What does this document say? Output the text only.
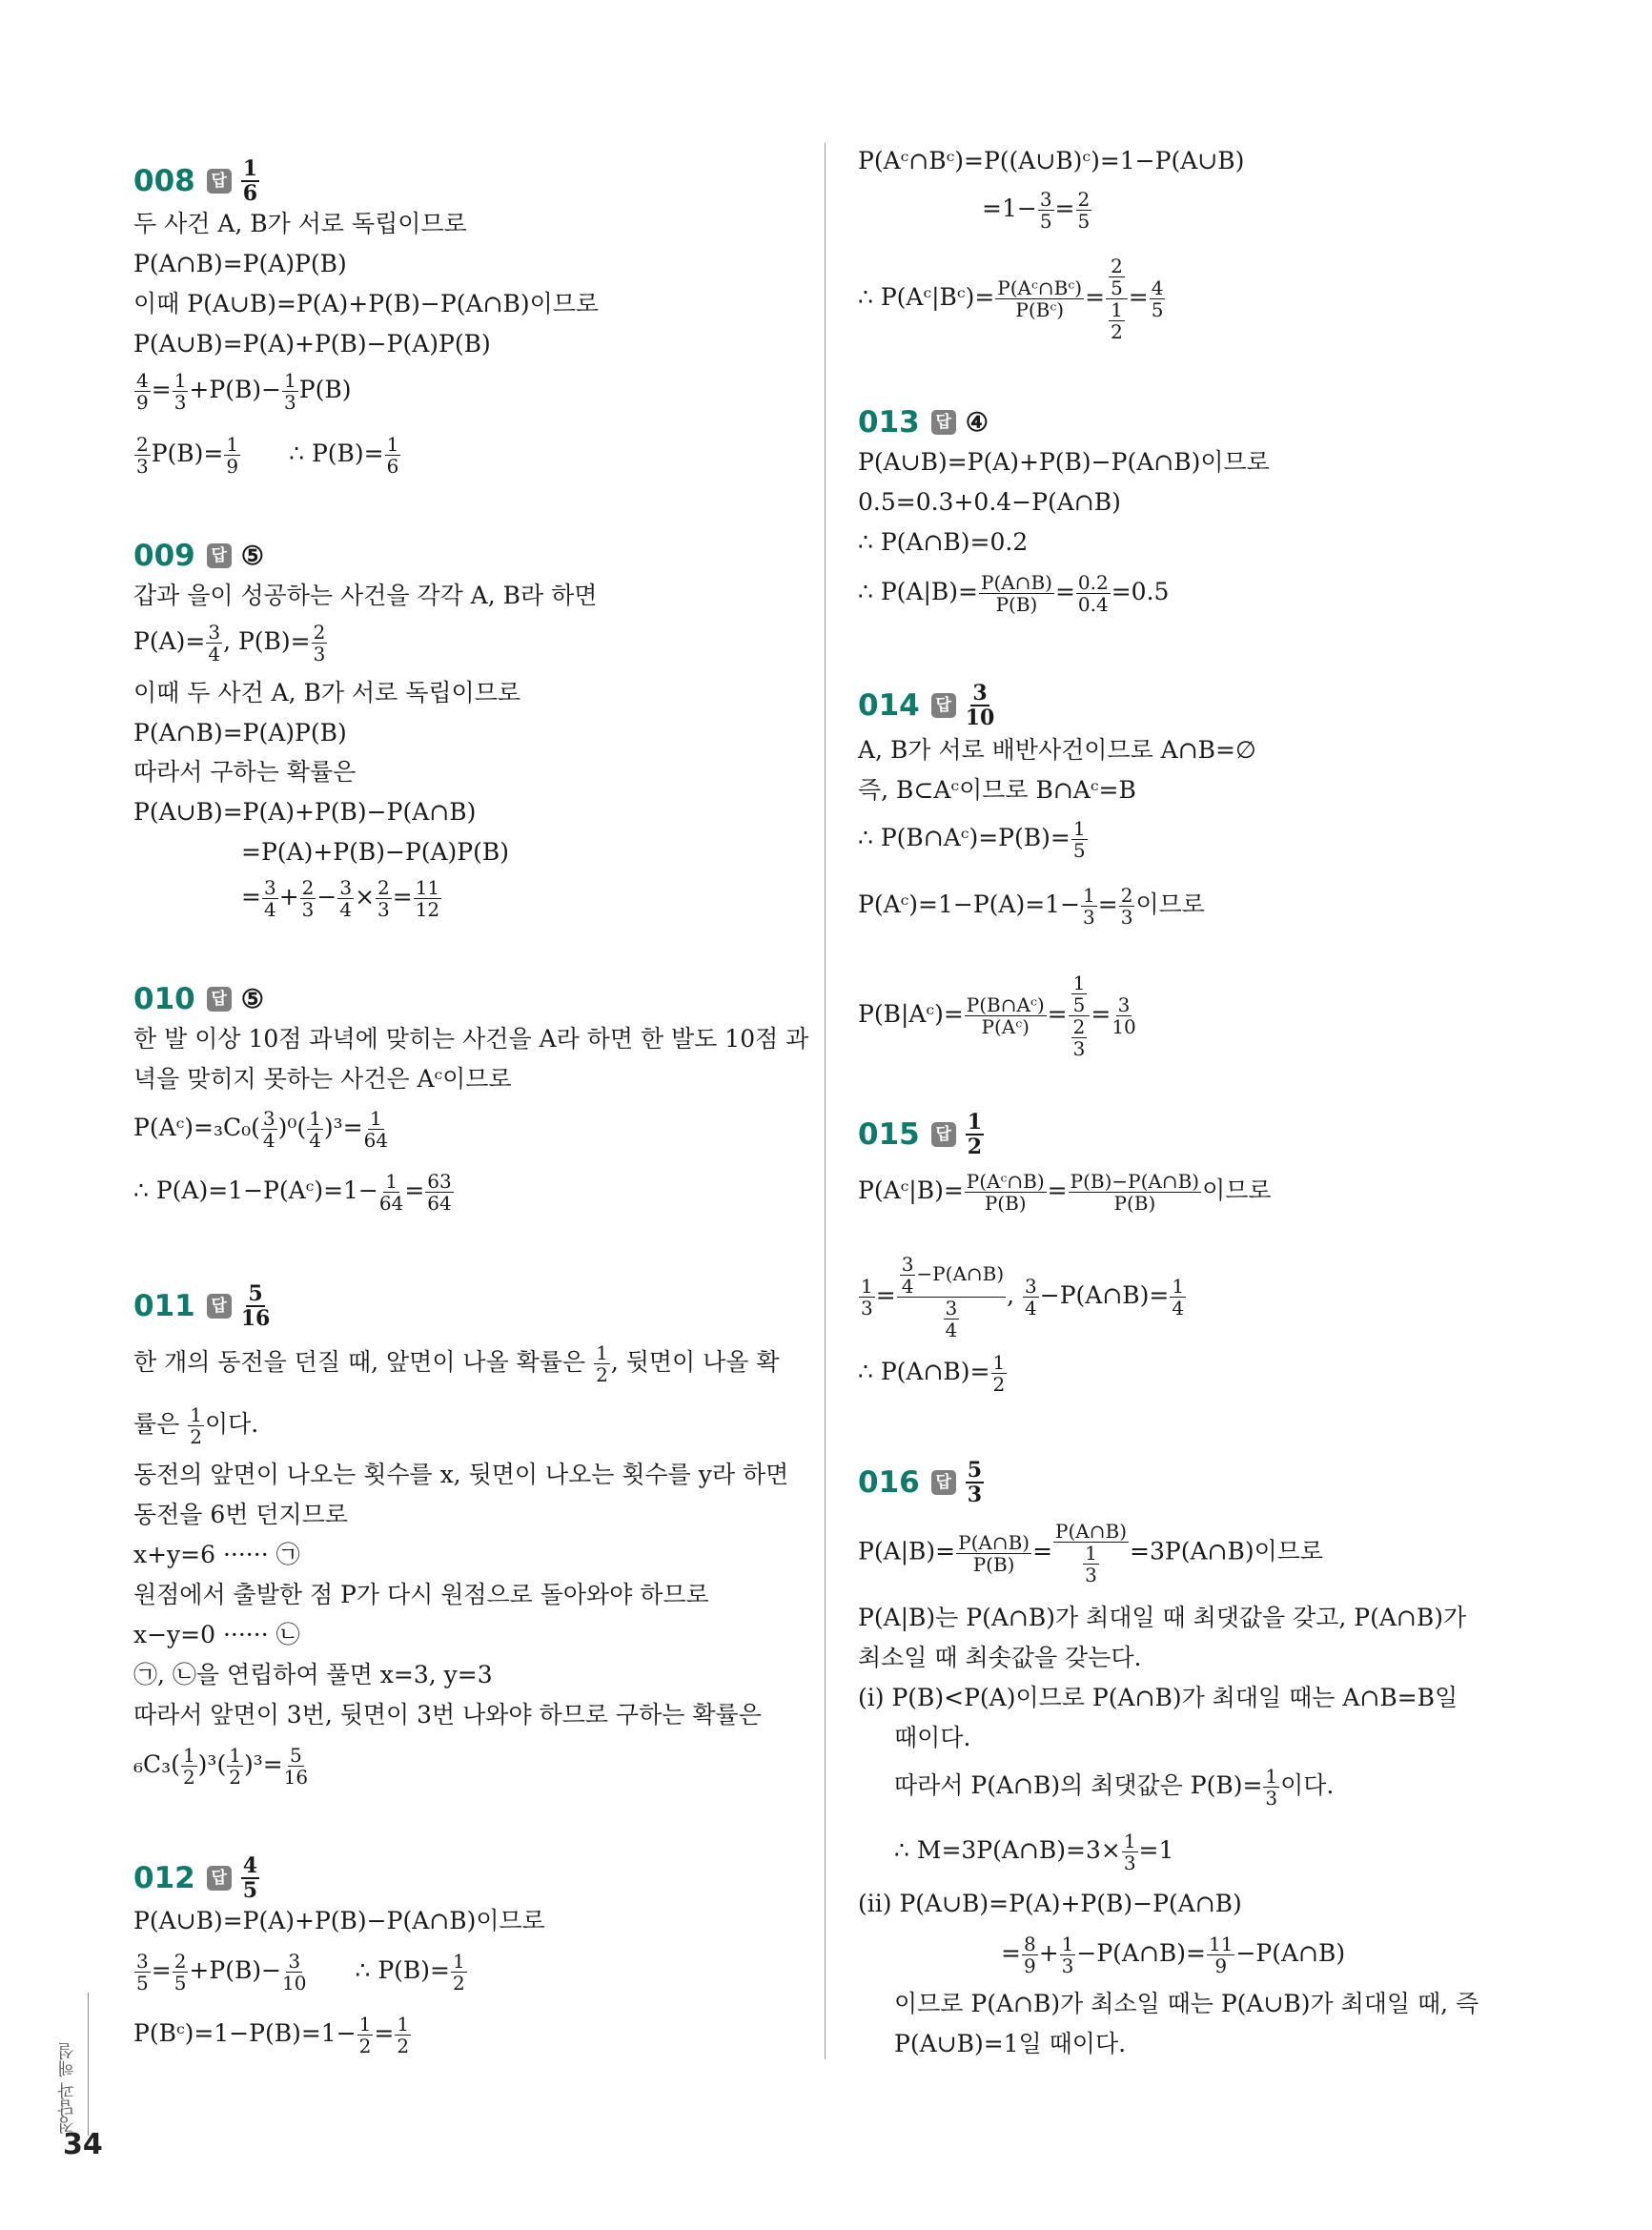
008 답 $\frac{1}{6}$
두 사건 A, B가 서로 독립이므로
P(A∩B)=P(A)P(B)
이때 P(A∪B)=P(A)+P(B)−P(A∩B)이므로
P(A∪B)=P(A)+P(B)−P(A)P(B)
$\frac{4}{9} = \frac{1}{3} +P(B)- \frac{1}{3} P(B)$
$\frac{2}{3} P(B)= \frac{1}{9}$ ∴ $P(B)= \frac{1}{6}$
009 답 ⑤
갑과 을이 성공하는 사건을 각각 A, B라 하면
$P(A)= \frac{3}{4}$ , $P(B)= \frac{2}{3}$
이때 두 사건 A, B가 서로 독립이므로
P(A∩B)=P(A)P(B)
따라서 구하는 확률은
P(A∪B)=P(A)+P(B)−P(A∩B)
=P(A)+P(B)−P(A)P(B)
= $\frac{3}{4} + \frac{2}{3} - \frac{3}{4} \times \frac{2}{3} = \frac{11}{12}$
010 답 ⑤
한 발 이상 10점 과녁에 맞히는 사건을 A라 하면 한 발도 10점 과
녁을 맞히지 못하는 사건은 Aᶜ이므로
P(Aᶜ)=₃C₀( $\frac{3}{4} )^0( \frac{1}{4} )^3= \frac{1}{64}$
∴ P(A)=1−P(Aᶜ)=1− $\frac{1}{64} = \frac{63}{64}$
011 답 $\frac{5}{16}$
한 개의 동전을 던질 때, 앞면이 나올 확률은 $\frac{1}{2}$ , 뒷면이 나올 확
률은 $\frac{1}{2}$ 이다.
동전의 앞면이 나오는 횟수를 x, 뒷면이 나오는 횟수를 y라 하면
동전을 6번 던지므로
x+y=6 ······ ㉠
원점에서 출발한 점 P가 다시 원점으로 돌아와야 하므로
x−y=0 ······ ㉡
㉠, ㉡을 연립하여 풀면 x=3, y=3
따라서 앞면이 3번, 뒷면이 3번 나와야 하므로 구하는 확률은
$_6C_3( \frac{1}{2} )^3( \frac{1}{2} )^3= \frac{5}{16}$
012 답 $\frac{4}{5}$
P(A∪B)=P(A)+P(B)−P(A∩B)이므로
$\frac{3}{5} = \frac{2}{5} +P(B)- \frac{3}{10}$ ∴ $P(B)= \frac{1}{2}$
P(Bᶜ)=1−P(B)=1− $\frac{1}{2} = \frac{1}{2}$
P(Aᶜ∩Bᶜ)=P((A∪B)ᶜ)=1−P(A∪B)
$=1- \frac{3}{5} = \frac{2}{5}$
∴ P(Aᶜ|Bᶜ)= $\frac{\text{P(Aᶜ∩Bᶜ)}}{\text{P(Bᶜ)}} = \frac{\frac{2}{5}}{\frac{1}{2}} = \frac{4}{5}$
013 답 ④
P(A∪B)=P(A)+P(B)−P(A∩B)이므로
0.5=0.3+0.4−P(A∩B)
∴ P(A∩B)=0.2
∴ $P(A|B)= \frac{P(A\cap B)}{P(B)} = \frac{0.2}{0.4} =0.5$
014 답 $\frac{3}{10}$
A, B가 서로 배반사건이므로 A∩B=∅
즉, B⊂Aᶜ이므로 B∩Aᶜ=B
∴ P(B∩Aᶜ)=P(B)= $\frac{1}{5}$
P(Aᶜ)=1−P(A)=1− $\frac{1}{3} = \frac{2}{3}$ 이므로
P(B|Aᶜ)= $\frac{\text{P(B∩Aᶜ)}}{\text{P(Aᶜ)}} = \frac{\frac{1}{5}}{\frac{2}{3}} = \frac{3}{10}$
015 답 $\frac{1}{2}$
P(Aᶜ|B)= $\frac{\text{P(Aᶜ∩B)}}{P(B)} = \frac{P(B)-P(A\cap B)}{P(B)}$ 이므로
$\frac{1}{3} = \frac{\frac{3}{4} -P(A\cap B)}{\frac{3}{4}}$ , $\frac{3}{4}$ −P(A∩B)= $\frac{1}{4}$
∴ P(A∩B)= $\frac{1}{2}$
016 답 $\frac{5}{3}$
$P(A|B)= \frac{P(A\cap B)}{P(B)} = \frac{P(A\cap B)}{\frac{1}{3}}$ =3P(A∩B)이므로
P(A|B)는 P(A∩B)가 최대일 때 최댓값을 갖고, P(A∩B)가
최소일 때 최솟값을 갖는다.
(ⅰ) P(B)<P(A)이므로 P(A∩B)가 최대일 때는 A∩B=B일
때이다.
따라서 P(A∩B)의 최댓값은 $P(B)= \frac{1}{3}$ 이다.
∴ M=3P(A∩B)=3× $\frac{1}{3} =1$
(ⅱ) P(A∪B)=P(A)+P(B)−P(A∩B)
= $\frac{8}{9} + \frac{1}{3}$ −P(A∩B)= $\frac{11}{9}$ −P(A∩B)
이므로 P(A∩B)가 최소일 때는 P(A∪B)가 최대일 때, 즉
P(A∪B)=1일 때이다.
정답과 해설
34
